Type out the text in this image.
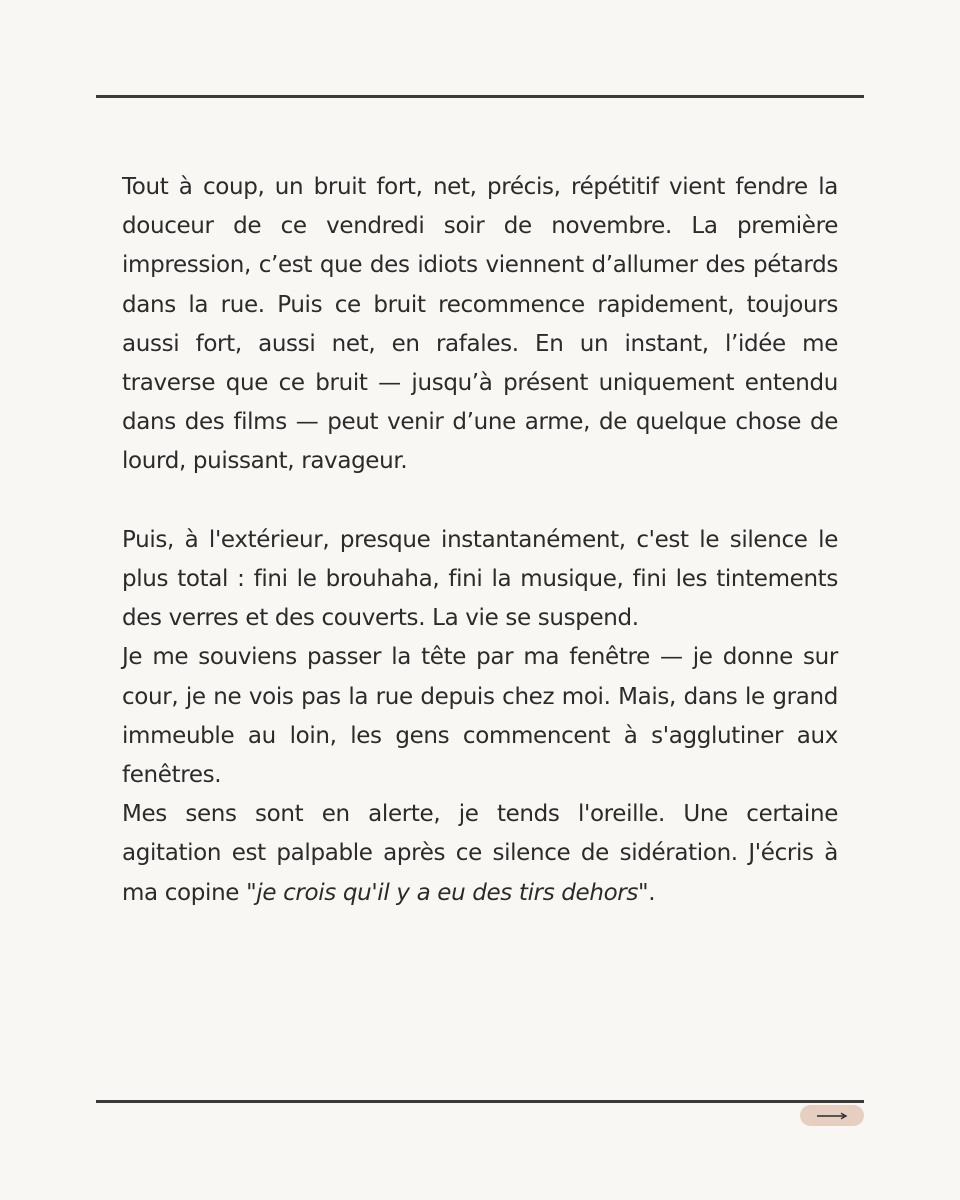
Tout à coup, un bruit fort, net, précis, répétitif vient fendre la douceur de ce vendredi soir de novembre. La première impression, c’est que des idiots viennent d’allumer des pétards dans la rue. Puis ce bruit recommence rapidement, toujours aussi fort, aussi net, en rafales. En un instant, l’idée me traverse que ce bruit — jusqu’à présent uniquement entendu dans des films — peut venir d’une arme, de quelque chose de lourd, puissant, ravageur.

Puis, à l'extérieur, presque instantanément, c'est le silence le plus total : fini le brouhaha, fini la musique, fini les tintements des verres et des couverts. La vie se suspend.

Je me souviens passer la tête par ma fenêtre — je donne sur cour, je ne vois pas la rue depuis chez moi. Mais, dans le grand immeuble au loin, les gens commencent à s'agglutiner aux fenêtres.

Mes sens sont en alerte, je tends l'oreille. Une certaine agitation est palpable après ce silence de sidération. J'écris à ma copine "je crois qu'il y a eu des tirs dehors".
